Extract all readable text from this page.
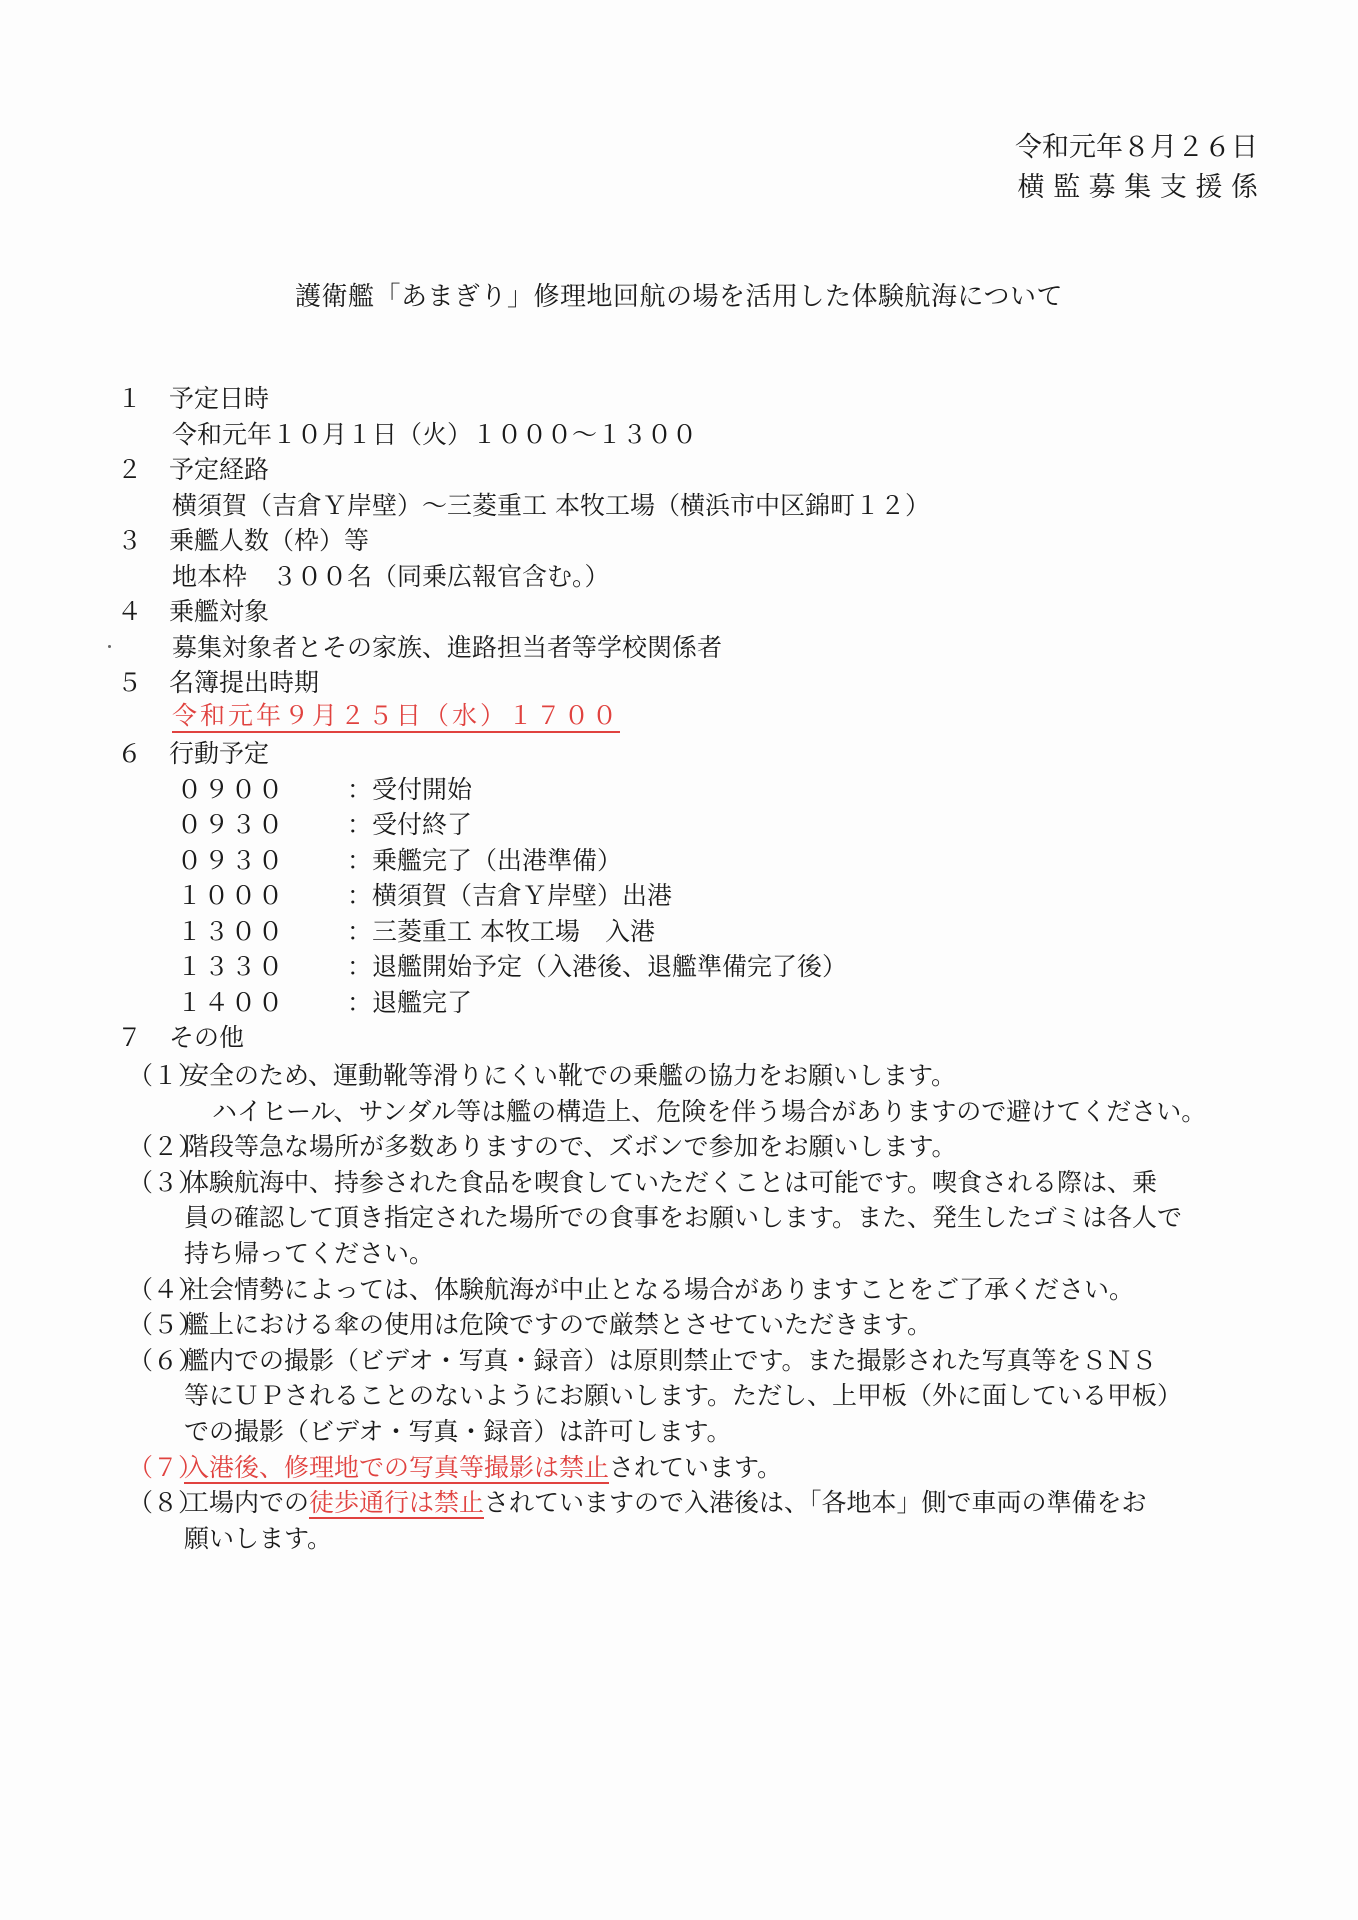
令和元年８月２６日
横 監 募 集 支 援 係
護衛艦「あまぎり」修理地回航の場を活用した体験航海について
１ 予定日時
令和元年１０月１日（火）１０００～１３００
２ 予定経路
横須賀（吉倉Ｙ岸壁）～三菱重工 本牧工場（横浜市中区錦町１２）
３ 乗艦人数（枠）等
地本枠　３００名（同乗広報官含む。）
４ 乗艦対象
募集対象者とその家族、進路担当者等学校関係者
５ 名簿提出時期
令和元年９月２５日（水）１７００
６ 行動予定
０９００ ：受付開始
０９３０ ：受付終了
０９３０ ：乗艦完了（出港準備）
１０００ ：横須賀（吉倉Ｙ岸壁）出港
１３００ ：三菱重工 本牧工場　入港
１３３０ ：退艦開始予定（入港後、退艦準備完了後）
１４００ ：退艦完了
７ その他
（１）
安全のため、運動靴等滑りにくい靴での乗艦の協力をお願いします。
ハイヒール、サンダル等は艦の構造上、危険を伴う場合がありますので避けてください。
（２）
階段等急な場所が多数ありますので、ズボンで参加をお願いします。
（３）
体験航海中、持参された食品を喫食していただくことは可能です。喫食される際は、乗
員の確認して頂き指定された場所での食事をお願いします。また、発生したゴミは各人で
持ち帰ってください。
（４）
社会情勢によっては、体験航海が中止となる場合がありますことをご了承ください。
（５）
艦上における傘の使用は危険ですので厳禁とさせていただきます。
（６）
艦内での撮影（ビデオ・写真・録音）は原則禁止です。また撮影された写真等をＳＮＳ
等にＵＰされることのないようにお願いします。ただし、上甲板（外に面している甲板）
での撮影（ビデオ・写真・録音）は許可します。
（７）
入港後、修理地での写真等撮影は禁止されています。
（８）
工場内での徒歩通行は禁止されていますので入港後は、「各地本」側で車両の準備をお
願いします。
